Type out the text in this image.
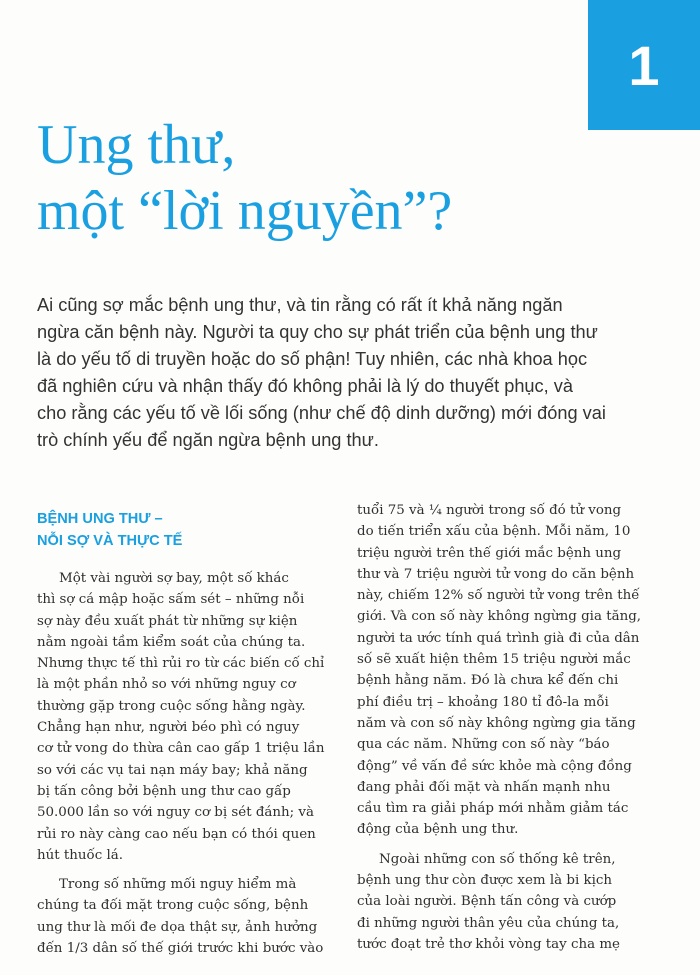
1
Ung thư,
một “lời nguyền”?

Ai cũng sợ mắc bệnh ung thư, và tin rằng có rất ít khả năng ngăn
ngừa căn bệnh này. Người ta quy cho sự phát triển của bệnh ung thư
là do yếu tố di truyền hoặc do số phận! Tuy nhiên, các nhà khoa học
đã nghiên cứu và nhận thấy đó không phải là lý do thuyết phục, và
cho rằng các yếu tố về lối sống (như chế độ dinh dưỡng) mới đóng vai
trò chính yếu để ngăn ngừa bệnh ung thư.

BỆNH UNG THƯ –
NỖI SỢ VÀ THỰC TẾ
Một vài người sợ bay, một số khác
thì sợ cá mập hoặc sấm sét – những nỗi
sợ này đều xuất phát từ những sự kiện
nằm ngoài tầm kiểm soát của chúng ta.
Nhưng thực tế thì rủi ro từ các biến cố chỉ
là một phần nhỏ so với những nguy cơ
thường gặp trong cuộc sống hằng ngày.
Chẳng hạn như, người béo phì có nguy
cơ tử vong do thừa cân cao gấp 1 triệu lần
so với các vụ tai nạn máy bay; khả năng
bị tấn công bởi bệnh ung thư cao gấp
50.000 lần so với nguy cơ bị sét đánh; và
rủi ro này càng cao nếu bạn có thói quen
hút thuốc lá.
Trong số những mối nguy hiểm mà
chúng ta đối mặt trong cuộc sống, bệnh
ung thư là mối đe dọa thật sự, ảnh hưởng
đến 1/3 dân số thế giới trước khi bước vào
tuổi 75 và ¼ người trong số đó tử vong
do tiến triển xấu của bệnh. Mỗi năm, 10
triệu người trên thế giới mắc bệnh ung
thư và 7 triệu người tử vong do căn bệnh
này, chiếm 12% số người tử vong trên thế
giới. Và con số này không ngừng gia tăng,
người ta ước tính quá trình già đi của dân
số sẽ xuất hiện thêm 15 triệu người mắc
bệnh hằng năm. Đó là chưa kể đến chi
phí điều trị – khoảng 180 tỉ đô-la mỗi
năm và con số này không ngừng gia tăng
qua các năm. Những con số này “báo
động” về vấn đề sức khỏe mà cộng đồng
đang phải đối mặt và nhấn mạnh nhu
cầu tìm ra giải pháp mới nhằm giảm tác
động của bệnh ung thư.
Ngoài những con số thống kê trên,
bệnh ung thư còn được xem là bi kịch
của loài người. Bệnh tấn công và cướp
đi những người thân yêu của chúng ta,
tước đoạt trẻ thơ khỏi vòng tay cha mẹ
